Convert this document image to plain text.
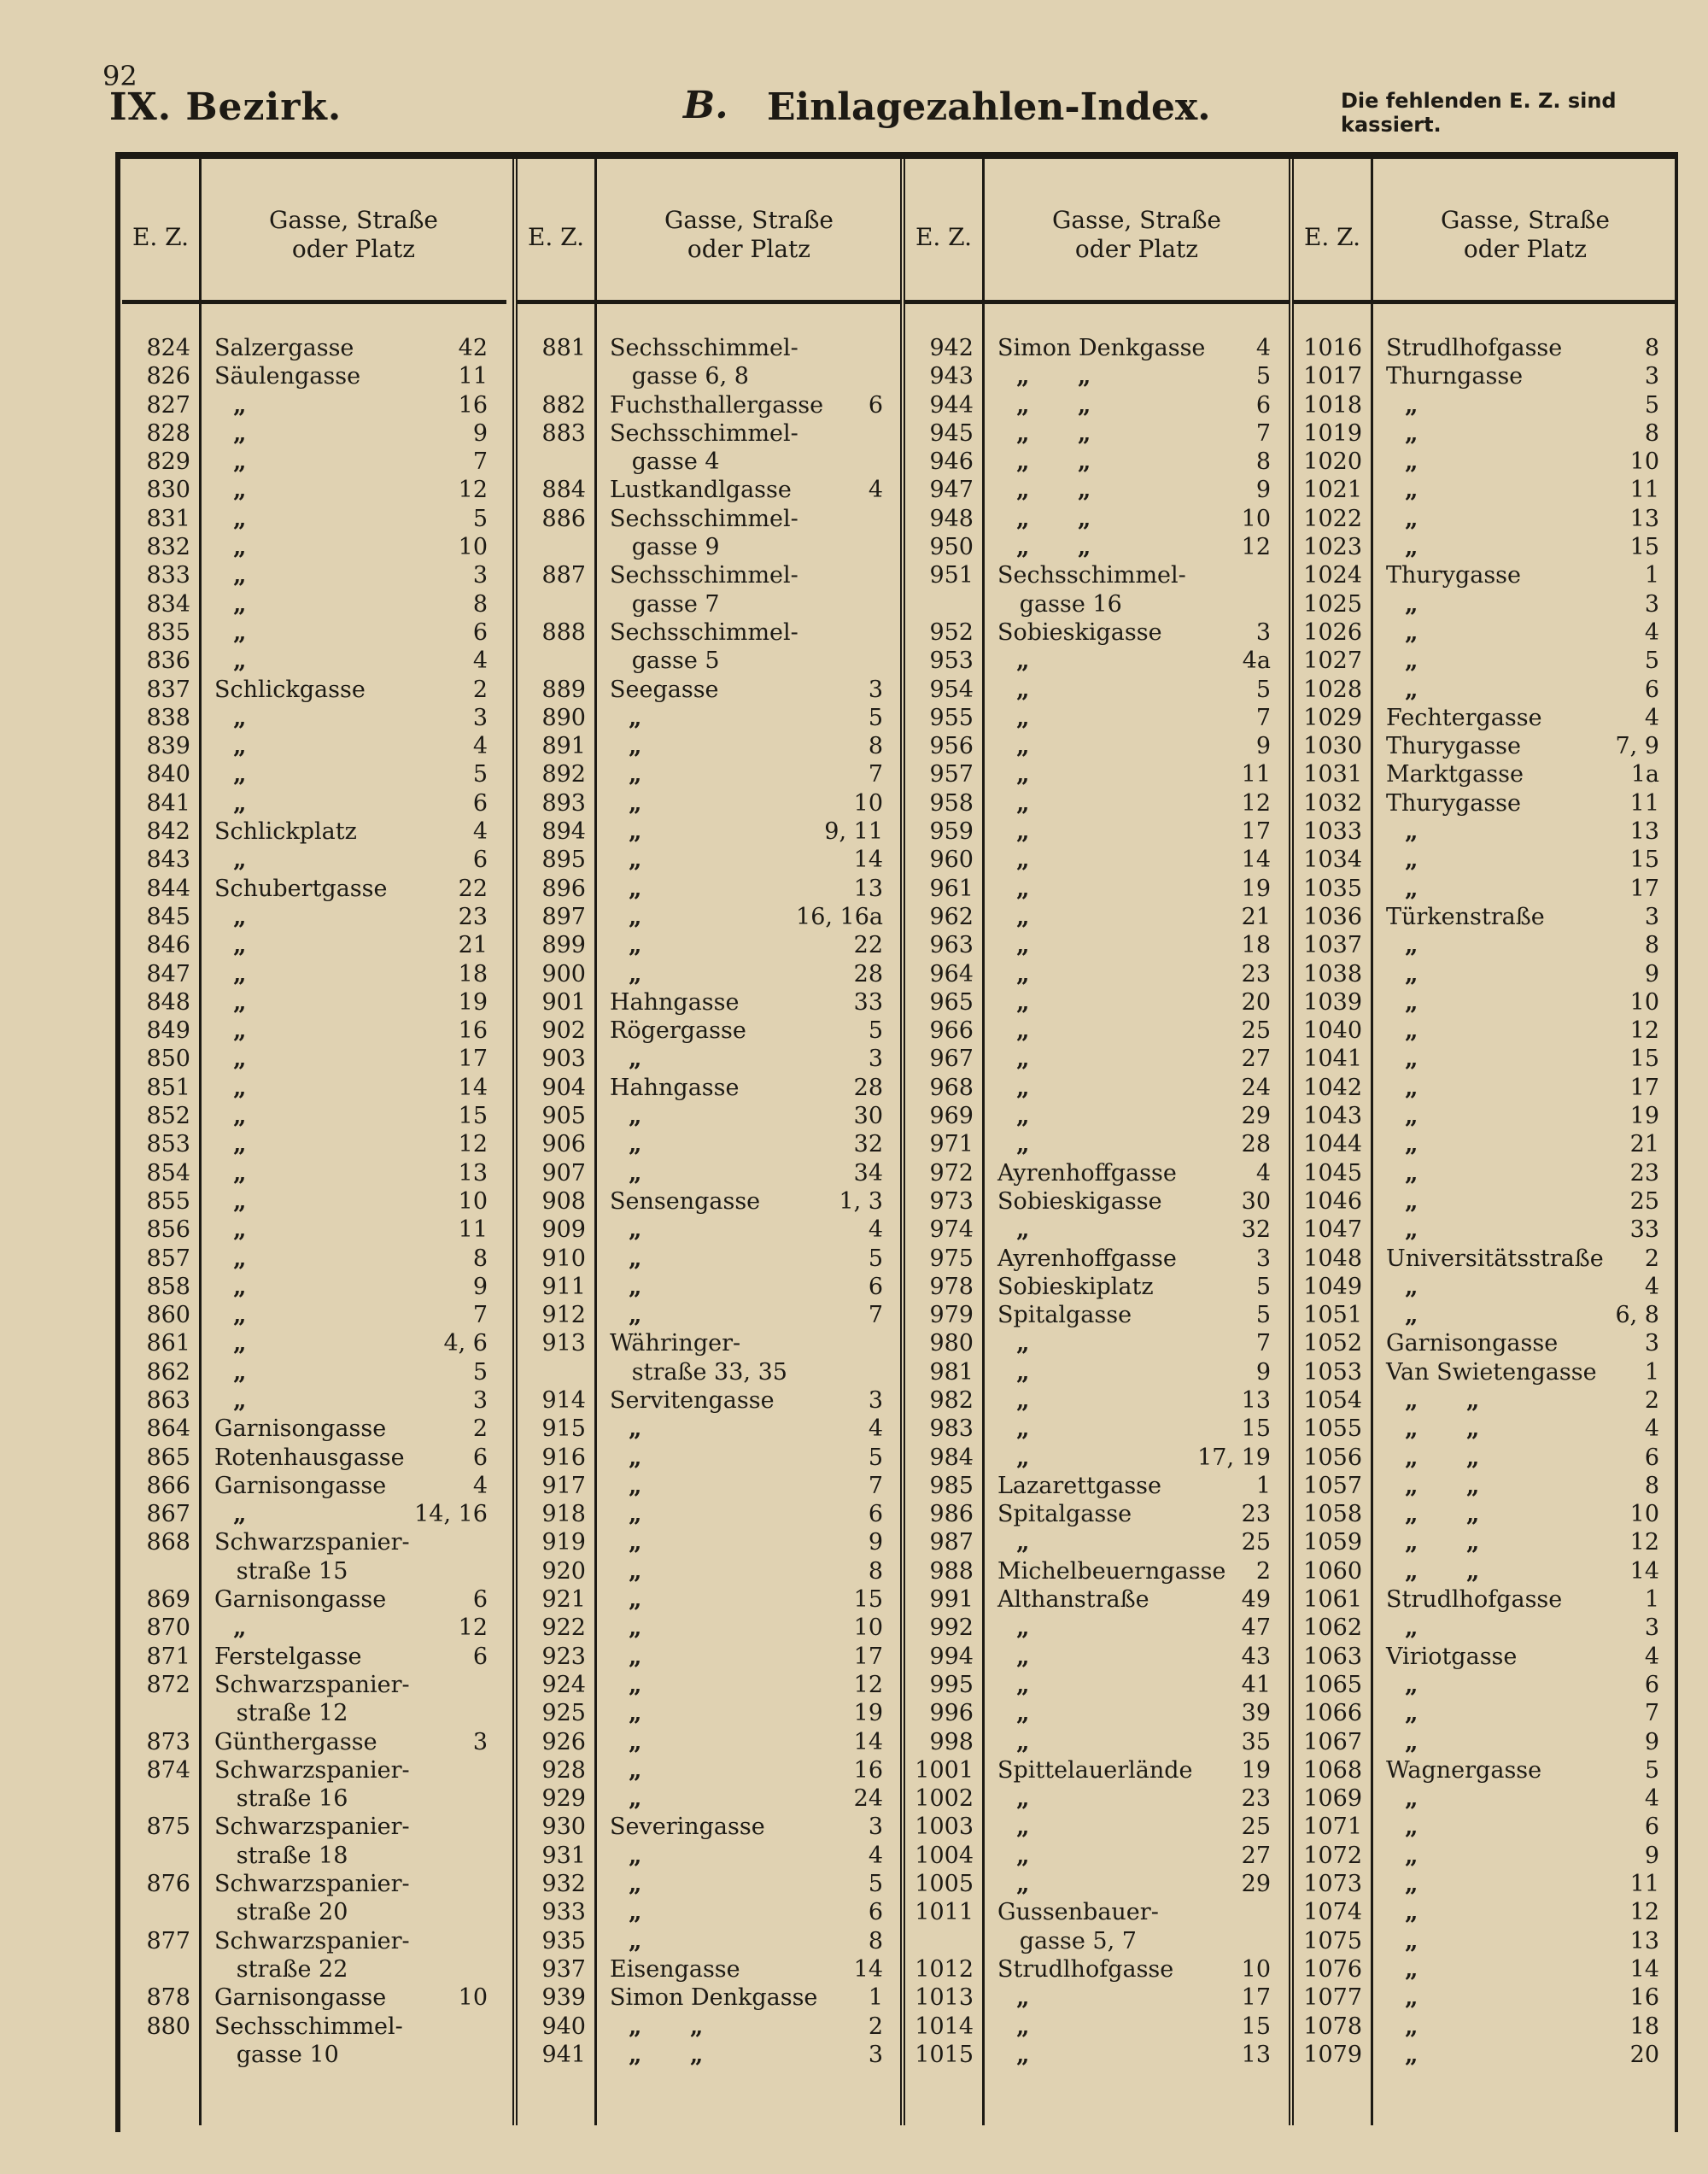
92
IX. Bezirk.	B. Einlagezahlen-Index.	Die fehlenden E. Z. sind kassiert.
E. Z.
Gasse, Straße
oder Platz
824 Salzergasse	42
826 Säulengasse	11
827 „	16
828 „	9
829 „	7
830 „	12
831 „	5
832 „	10
833 „	3
834 „	8
835 „	6
836 „	4
837 Schlickgasse	2
838 „	3
839 „	4
840 „	5
841 „	6
842 Schlickplatz	4
843 „	6
844 Schubertgasse	22
845 „	23
846 „	21
847 „	18
848 „	19
849 „	16
850 „	17
851 „	14
852 „	15
853 „	12
854 „	13
855 „	10
856 „	11
857 „	8
858 „	9
860 „	7
861 „	4, 6
862 „	5
863 „	3
864 Garnisongasse	2
865 Rotenhausgasse	6
866 Garnisongasse	4
867 „	14, 16
868 Schwarzspanier-
straße 15
869 Garnisongasse	6
870 „	12
871 Ferstelgasse	6
872 Schwarzspanier-
straße 12
873 Günthergasse	3
874 Schwarzspanier-
straße 16
875 Schwarzspanier-
straße 18
876 Schwarzspanier-
straße 20
877 Schwarzspanier-
straße 22
878 Garnisongasse	10
880 Sechsschimmel-
gasse 10
E. Z.
Gasse, Straße
oder Platz
881 Sechsschimmel-
gasse 6, 8
882 Fuchsthallergasse 6
883 Sechsschimmel-
gasse 4
884 Lustkandlgasse	4
886 Sechsschimmel-
gasse 9
887 Sechsschimmel-
gasse 7
888 Sechsschimmel-
gasse 5
889 Seegasse	3
890 „	5
891 „	8
892 „	7
893 „	10
894 „	9, 11
895 „	14
896 „	13
897 „	16, 16a
899 „	22
900 „	28
901 Hahngasse	33
902 Rögergasse	5
903 „	3
904 Hahngasse	28
905 „	30
906 „	32
907 „	34
908 Sensengasse	1, 3
909 „	4
910 „	5
911 „	6
912 „	7
913 Währinger-
straße 33, 35
914 Servitengasse	3
915 „	4
916 „	5
917 „	7
918 „	6
919 „	9
920 „	8
921 „	15
922 „	10
923 „	17
924 „	12
925 „	19
926 „	14
928 „	16
929 „	24
930 Severingasse	3
931 „	4
932 „	5
933 „	6
935 „	8
937 Eisengasse	14
939 Simon Denkgasse 1
940 „      „	2
941 „      „	3
E. Z.
Gasse, Straße
oder Platz
942 Simon Denkgasse 4
943 „      „	5
944 „      „	6
945 „      „	7
946 „      „	8
947 „      „	9
948 „      „	10
950 „      „	12
951 Sechsschimmel-
gasse 16
952 Sobieskigasse	3
953 „	4a
954 „	5
955 „	7
956 „	9
957 „	11
958 „	12
959 „	17
960 „	14
961 „	19
962 „	21
963 „	18
964 „	23
965 „	20
966 „	25
967 „	27
968 „	24
969 „	29
971 „	28
972 Ayrenhoffgasse	4
973 Sobieskigasse	30
974 „	32
975 Ayrenhoffgasse	3
978 Sobieskiplatz	5
979 Spitalgasse	5
980 „	7
981 „	9
982 „	13
983 „	15
984 „	17, 19
985 Lazarettgasse	1
986 Spitalgasse	23
987 „	25
988 Michelbeuerngasse 2
991 Althanstraße	49
992 „	47
994 „	43
995 „	41
996 „	39
998 „	35
1001 Spittelauerlände 19
1002 „	23
1003 „	25
1004 „	27
1005 „	29
1011 Gussenbauer-
gasse 5, 7
1012 Strudlhofgasse	10
1013 „	17
1014 „	15
1015 „	13
E. Z.
Gasse, Straße
oder Platz
1016 Strudlhofgasse	8
1017 Thurngasse	3
1018 „	5
1019 „	8
1020 „	10
1021 „	11
1022 „	13
1023 „	15
1024 Thurygasse	1
1025 „	3
1026 „	4
1027 „	5
1028 „	6
1029 Fechtergasse	4
1030 Thurygasse	7, 9
1031 Marktgasse	1a
1032 Thurygasse	11
1033 „	13
1034 „	15
1035 „	17
1036 Türkenstraße	3
1037 „	8
1038 „	9
1039 „	10
1040 „	12
1041 „	15
1042 „	17
1043 „	19
1044 „	21
1045 „	23
1046 „	25
1047 „	33
1048 Universitätsstraße 2
1049 „	4
1051 „	6, 8
1052 Garnisongasse	3
1053 Van Swietengasse 1
1054 „      „	2
1055 „      „	4
1056 „      „	6
1057 „      „	8
1058 „      „	10
1059 „      „	12
1060 „      „	14
1061 Strudlhofgasse	1
1062 „	3
1063 Viriotgasse	4
1065 „	6
1066 „	7
1067 „	9
1068 Wagnergasse	5
1069 „	4
1071 „	6
1072 „	9
1073 „	11
1074 „	12
1075 „	13
1076 „	14
1077 „	16
1078 „	18
1079 „	20
